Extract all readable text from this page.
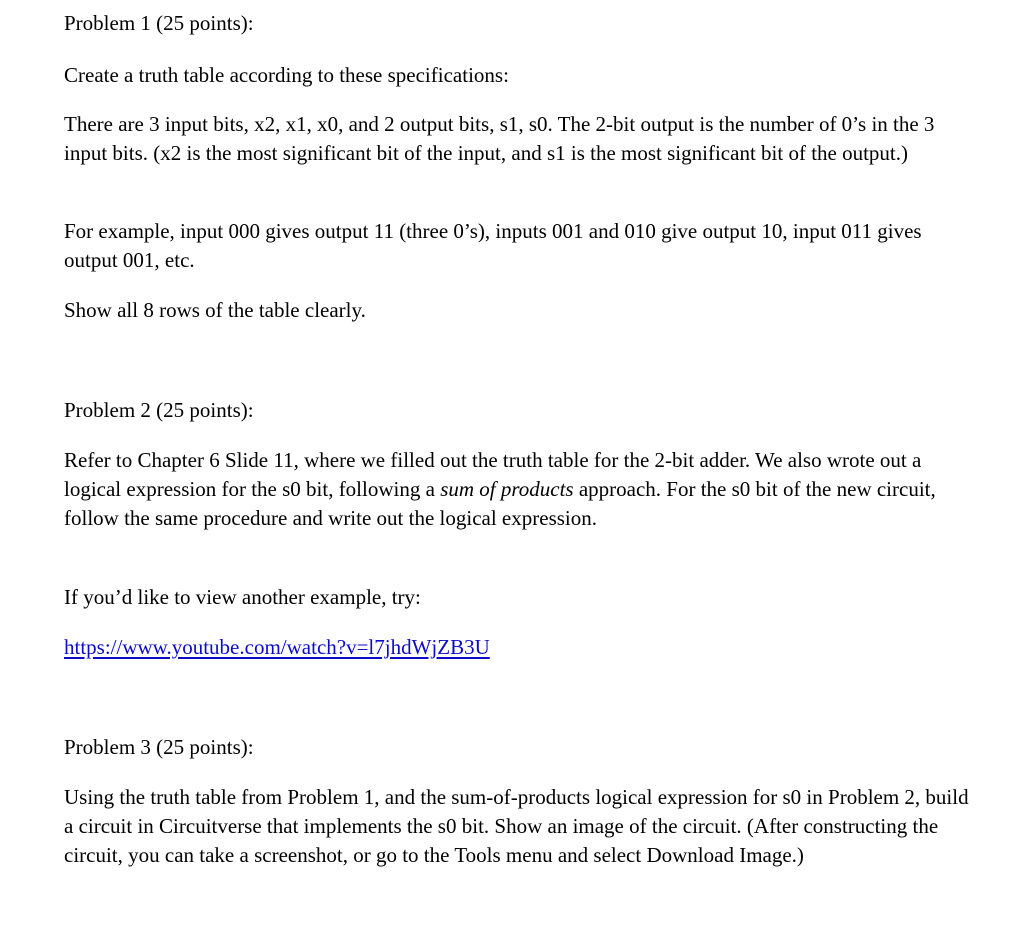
Problem 1 (25 points):

Create a truth table according to these specifications:

There are 3 input bits, x2, x1, x0, and 2 output bits, s1, s0. The 2-bit output is the number of 0’s in the 3 input bits. (x2 is the most significant bit of the input, and s1 is the most significant bit of the output.)

For example, input 000 gives output 11 (three 0’s), inputs 001 and 010 give output 10, input 011 gives output 001, etc.

Show all 8 rows of the table clearly.

Problem 2 (25 points):

Refer to Chapter 6 Slide 11, where we filled out the truth table for the 2-bit adder. We also wrote out a logical expression for the s0 bit, following a sum of products approach. For the s0 bit of the new circuit, follow the same procedure and write out the logical expression.

If you’d like to view another example, try:

https://www.youtube.com/watch?v=l7jhdWjZB3U

Problem 3 (25 points):

Using the truth table from Problem 1, and the sum-of-products logical expression for s0 in Problem 2, build a circuit in Circuitverse that implements the s0 bit. Show an image of the circuit. (After constructing the circuit, you can take a screenshot, or go to the Tools menu and select Download Image.)
